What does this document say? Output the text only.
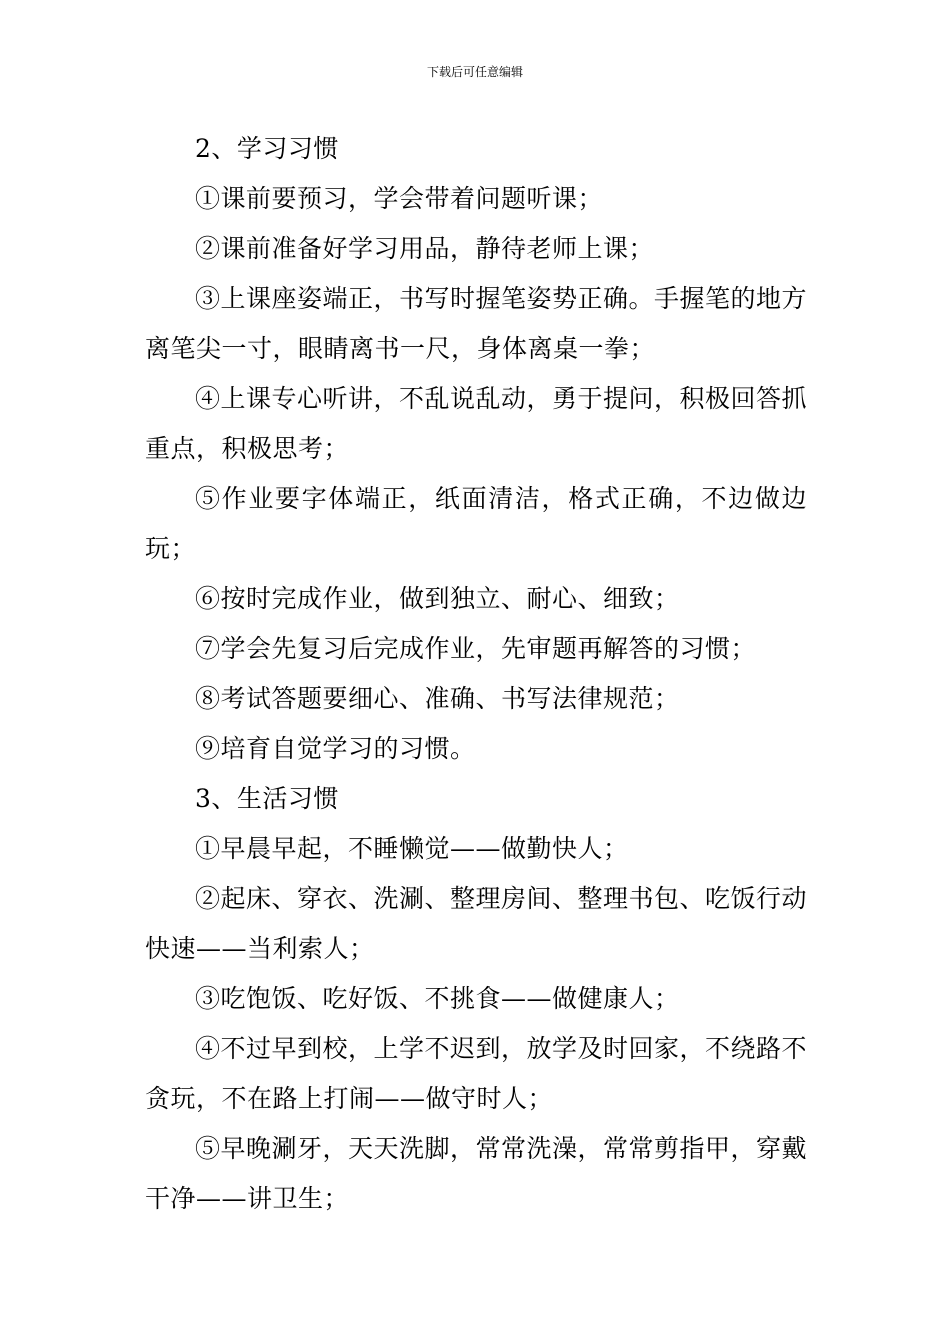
下载后可任意编辑

2、学习习惯

①课前要预习，学会带着问题听课；

②课前准备好学习用品，静待老师上课；

③上课座姿端正，书写时握笔姿势正确。手握笔的地方离笔尖一寸，眼睛离书一尺，身体离桌一拳；

④上课专心听讲，不乱说乱动，勇于提问，积极回答抓重点，积极思考；

⑤作业要字体端正，纸面清洁，格式正确，不边做边玩；

⑥按时完成作业，做到独立、耐心、细致；

⑦学会先复习后完成作业，先审题再解答的习惯；

⑧考试答题要细心、准确、书写法律规范；

⑨培育自觉学习的习惯。

3、生活习惯

①早晨早起，不睡懒觉——做勤快人；

②起床、穿衣、洗涮、整理房间、整理书包、吃饭行动快速——当利索人；

③吃饱饭、吃好饭、不挑食——做健康人；

④不过早到校，上学不迟到，放学及时回家，不绕路不贪玩，不在路上打闹——做守时人；

⑤早晚涮牙，天天洗脚，常常洗澡，常常剪指甲，穿戴干净——讲卫生；
